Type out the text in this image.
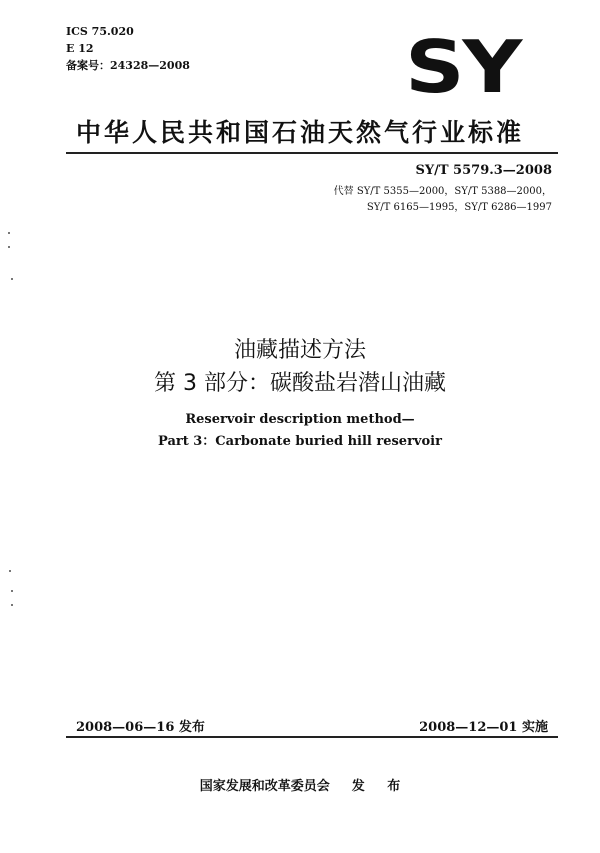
ICS 75.020
E 12
备案号：24328—2008	SY
中华人民共和国石油天然气行业标准
SY/T 5579.3—2008
代替 SY/T 5355—2000，SY/T 5388—2000，
SY/T 6165—1995，SY/T 6286—1997
油藏描述方法
第 3 部分：碳酸盐岩潜山油藏
Reservoir description method—
Part 3：Carbonate buried hill reservoir
2008—06—16 发布	2008—12—01 实施
国家发展和改革委员会 发 布
